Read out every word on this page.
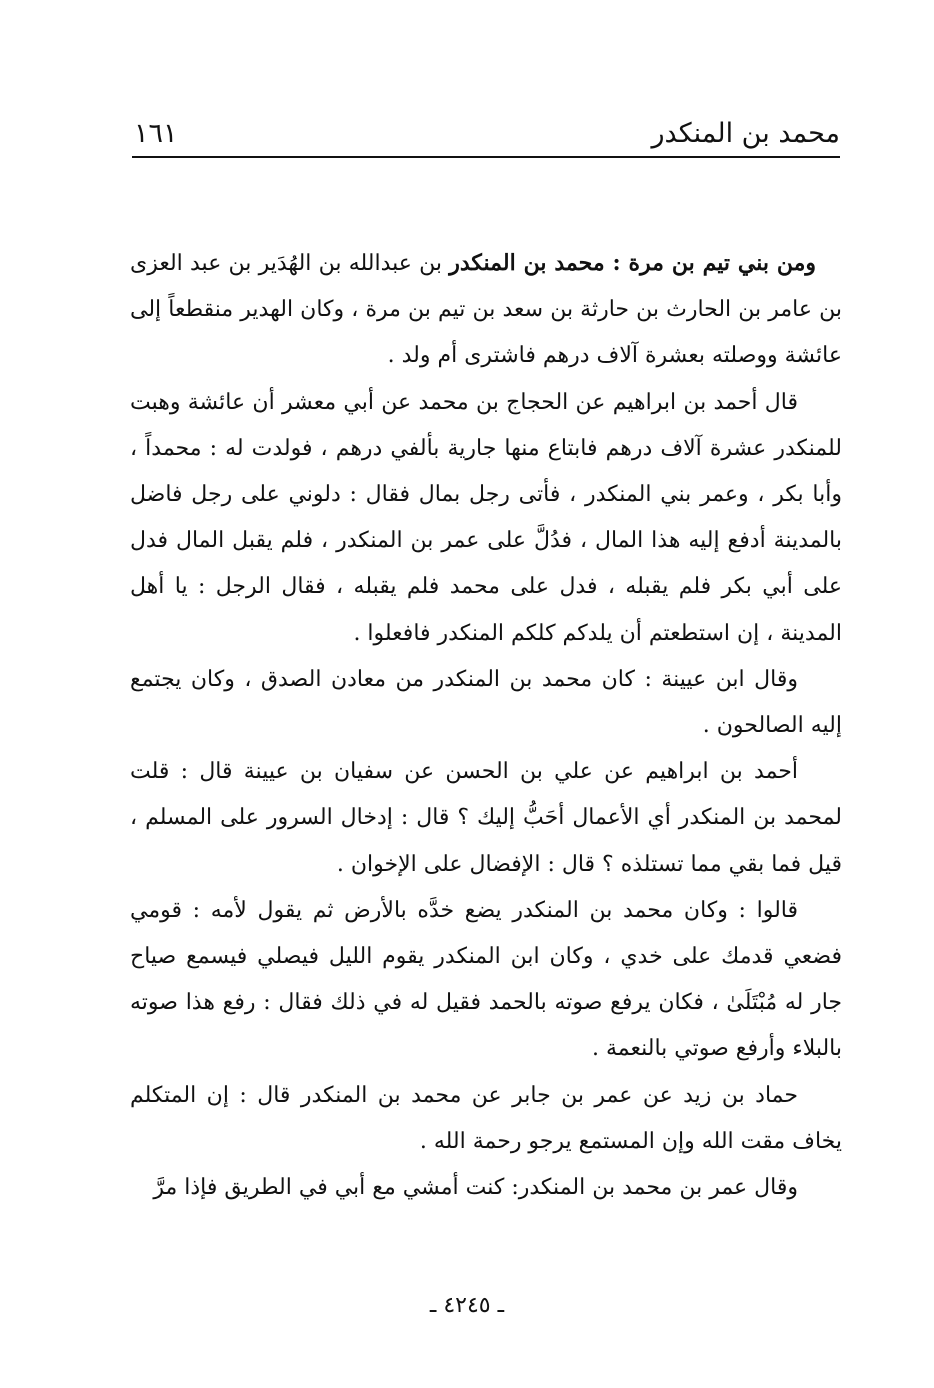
محمد بن المنكدر
١٦١

ومن بني تيم بن مرة : محمد بن المنكدر بن عبدالله بن الهُدَير بن عبد العزى بن عامر بن الحارث بن حارثة بن سعد بن تيم بن مرة ، وكان الهدير منقطعاً إلى عائشة ووصلته بعشرة آلاف درهم فاشترى أم ولد .

قال أحمد بن ابراهيم عن الحجاج بن محمد عن أبي معشر أن عائشة وهبت للمنكدر عشرة آلاف درهم فابتاع منها جارية بألفي درهم ، فولدت له : محمداً ، وأبا بكر ، وعمر بني المنكدر ، فأتى رجل بمال فقال : دلوني على رجل فاضل بالمدينة أدفع إليه هذا المال ، فدُلَّ على عمر بن المنكدر ، فلم يقبل المال فدل على أبي بكر فلم يقبله ، فدل على محمد فلم يقبله ، فقال الرجل : يا أهل المدينة ، إن استطعتم أن يلدكم كلكم المنكدر فافعلوا .

وقال ابن عيينة : كان محمد بن المنكدر من معادن الصدق ، وكان يجتمع إليه الصالحون .

أحمد بن ابراهيم عن علي بن الحسن عن سفيان بن عيينة قال : قلت لمحمد بن المنكدر أي الأعمال أحَبُّ إليك ؟ قال : إدخال السرور على المسلم ، قيل فما بقي مما تستلذه ؟ قال : الإفضال على الإخوان .

قالوا : وكان محمد بن المنكدر يضع خدَّه بالأرض ثم يقول لأمه : قومي فضعي قدمك على خدي ، وكان ابن المنكدر يقوم الليل فيصلي فيسمع صياح جار له مُبْتَلَىٰ ، فكان يرفع صوته بالحمد فقيل له في ذلك فقال : رفع هذا صوته بالبلاء وأرفع صوتي بالنعمة .

حماد بن زيد عن عمر بن جابر عن محمد بن المنكدر قال : إن المتكلم يخاف مقت الله وإن المستمع يرجو رحمة الله .

وقال عمر بن محمد بن المنكدر: كنت أمشي مع أبي في الطريق فإذا مرَّ

ـ ٤٢٤٥ ـ
